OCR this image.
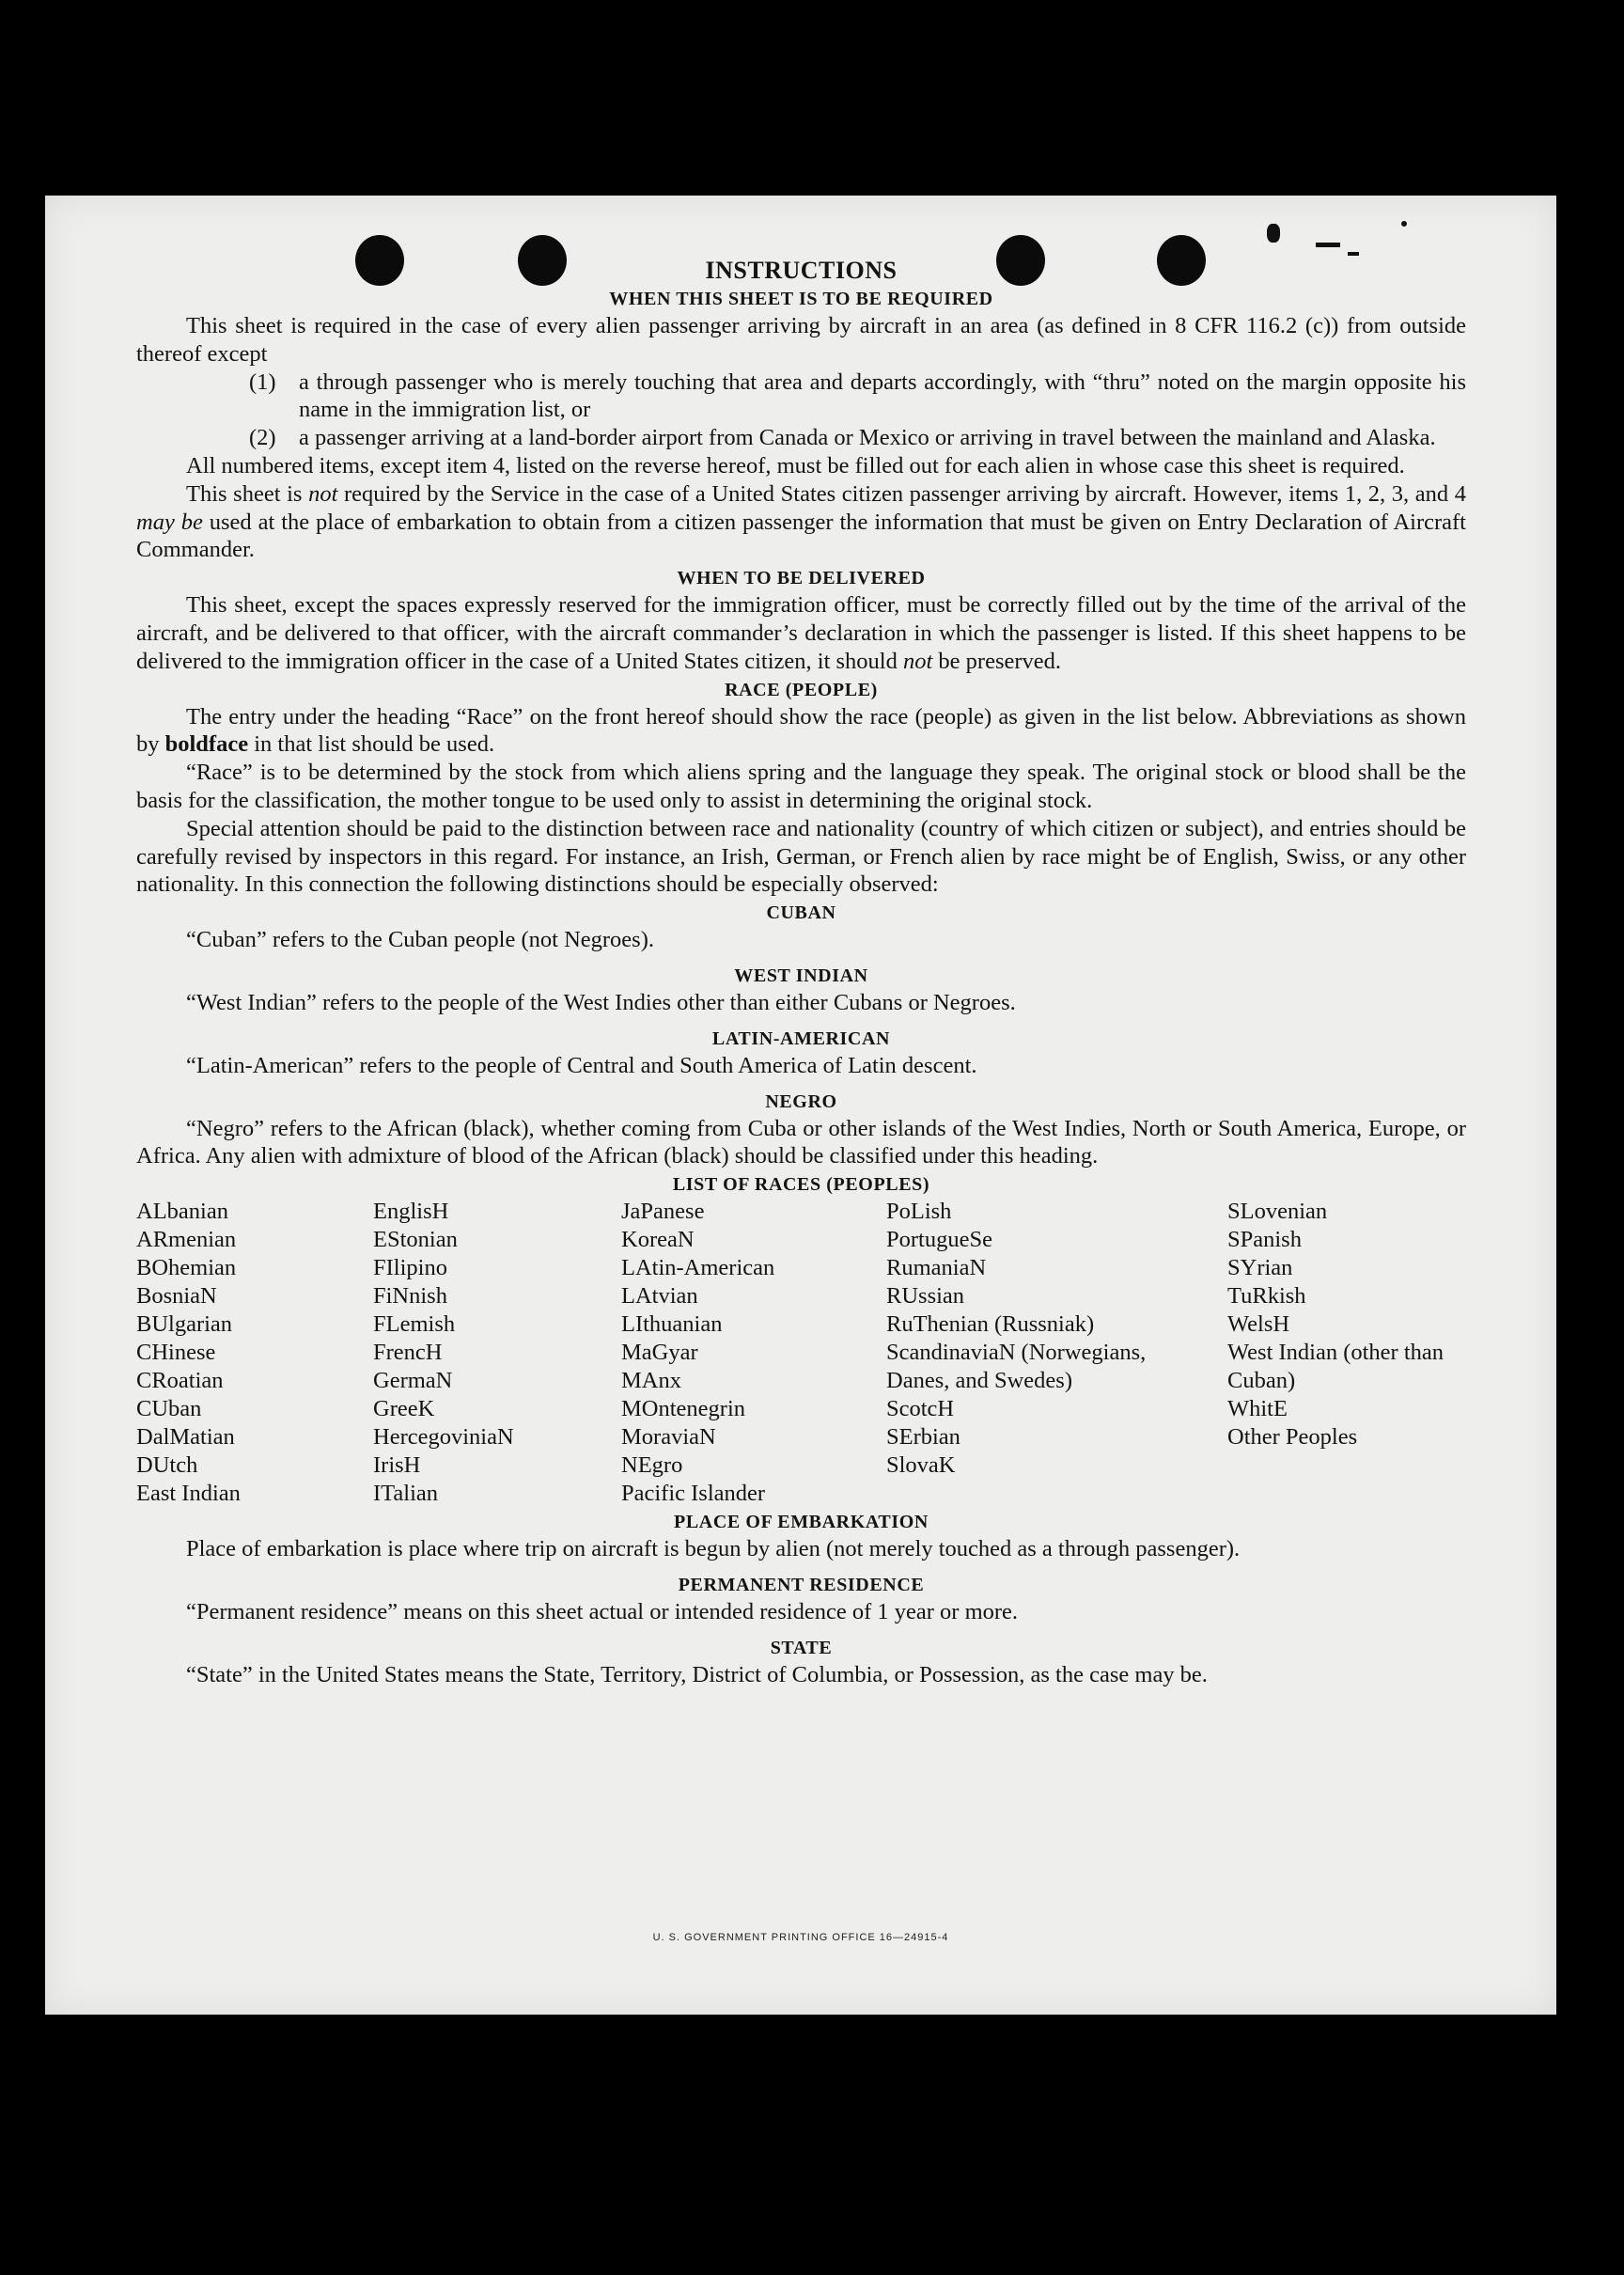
INSTRUCTIONS
WHEN THIS SHEET IS TO BE REQUIRED

This sheet is required in the case of every alien passenger arriving by aircraft in an area (as defined in 8 CFR 116.2 (c)) from outside thereof except

(1) a through passenger who is merely touching that area and departs accordingly, with “thru” noted on the margin opposite his name in the immigration list, or
(2) a passenger arriving at a land-border airport from Canada or Mexico or arriving in travel between the mainland and Alaska.

All numbered items, except item 4, listed on the reverse hereof, must be filled out for each alien in whose case this sheet is required.

This sheet is not required by the Service in the case of a United States citizen passenger arriving by aircraft. However, items 1, 2, 3, and 4 may be used at the place of embarkation to obtain from a citizen passenger the information that must be given on Entry Declaration of Aircraft Commander.

WHEN TO BE DELIVERED

This sheet, except the spaces expressly reserved for the immigration officer, must be correctly filled out by the time of the arrival of the aircraft, and be delivered to that officer, with the aircraft commander’s declaration in which the passenger is listed. If this sheet happens to be delivered to the immigration officer in the case of a United States citizen, it should not be preserved.

RACE (PEOPLE)

The entry under the heading “Race” on the front hereof should show the race (people) as given in the list below. Abbreviations as shown by boldface in that list should be used.

“Race” is to be determined by the stock from which aliens spring and the language they speak. The original stock or blood shall be the basis for the classification, the mother tongue to be used only to assist in determining the original stock.

Special attention should be paid to the distinction between race and nationality (country of which citizen or subject), and entries should be carefully revised by inspectors in this regard. For instance, an Irish, German, or French alien by race might be of English, Swiss, or any other nationality. In this connection the following distinctions should be especially observed:

CUBAN

“Cuban” refers to the Cuban people (not Negroes).

WEST INDIAN

“West Indian” refers to the people of the West Indies other than either Cubans or Negroes.

LATIN-AMERICAN

“Latin-American” refers to the people of Central and South America of Latin descent.

NEGRO

“Negro” refers to the African (black), whether coming from Cuba or other islands of the West Indies, North or South America, Europe, or Africa. Any alien with admixture of blood of the African (black) should be classified under this heading.

LIST OF RACES (PEOPLES)
ALbanian
ARmenian
BOhemian
BosniaN
BUlgarian
CHinese
CRoatian
CUban
DalMatian
DUtch
East Indian
EnglisH
EStonian
FIlipino
FiNnish
FLemish
FrencH
GermaN
GreeK
HercegovinіaN
IrisH
ITalian
JaPanese
KoreaN
LAtin-American
LAtvian
LIthuanian
MaGyar
MAnx
MOntenegrin
MoraviaN
NEgro
Pacific Islander
PoLish
PortugueSe
RumaniaN
RUssian
RuThenian (Russniak)
ScandinaviaN (Norwegians, Danes, and Swedes)
ScotcH
SErbian
SlovaK
SLovenian
SPanish
SYrian
TuRkish
WelsH
West Indian (other than Cuban)
WhitE
Other Peoples
PLACE OF EMBARKATION

Place of embarkation is place where trip on aircraft is begun by alien (not merely touched as a through passenger).

PERMANENT RESIDENCE

“Permanent residence” means on this sheet actual or intended residence of 1 year or more.

STATE

“State” in the United States means the State, Territory, District of Columbia, or Possession, as the case may be.

U. S. GOVERNMENT PRINTING OFFICE 16—24915-4
